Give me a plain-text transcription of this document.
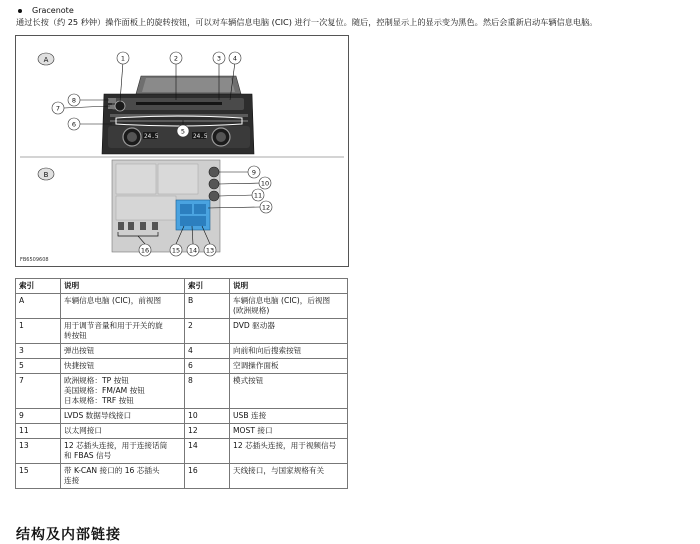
Gracenote
通过长按（约 25 秒钟）操作面板上的旋转按钮，可以对车辆信息电脑 (CIC) 进行一次复位。随后，控制显示上的显示变为黑色。然后会重新启动车辆信息电脑。
24.5	24.5
A
B
1	2	3 4
5
6
7
8
9
10
11
12
13
14
15
16
FB6509608
索引	说明	索引	说明
A	车辆信息电脑 (CIC)，前视图	B	车辆信息电脑 (CIC)，后视图
(欧洲规格)
1	用于调节音量和用于开关的旋
转按钮	2	DVD 驱动器
3	弹出按钮	4	向前和向后搜索按钮
5	快捷按钮	6	空调操作面板
7	欧洲规格：TP 按钮
美国规格：FM/AM 按钮
日本规格：TRF 按钮	8	模式按钮
9	LVDS 数据导线接口	10	USB 连接
11	以太网接口	12	MOST 接口
13	12 芯插头连接，用于连接话筒
和 FBAS 信号	14	12 芯插头连接，用于视频信号
15	带 K-CAN 接口的 16 芯插头
连接	16	天线接口，与国家规格有关
结构及内部链接
